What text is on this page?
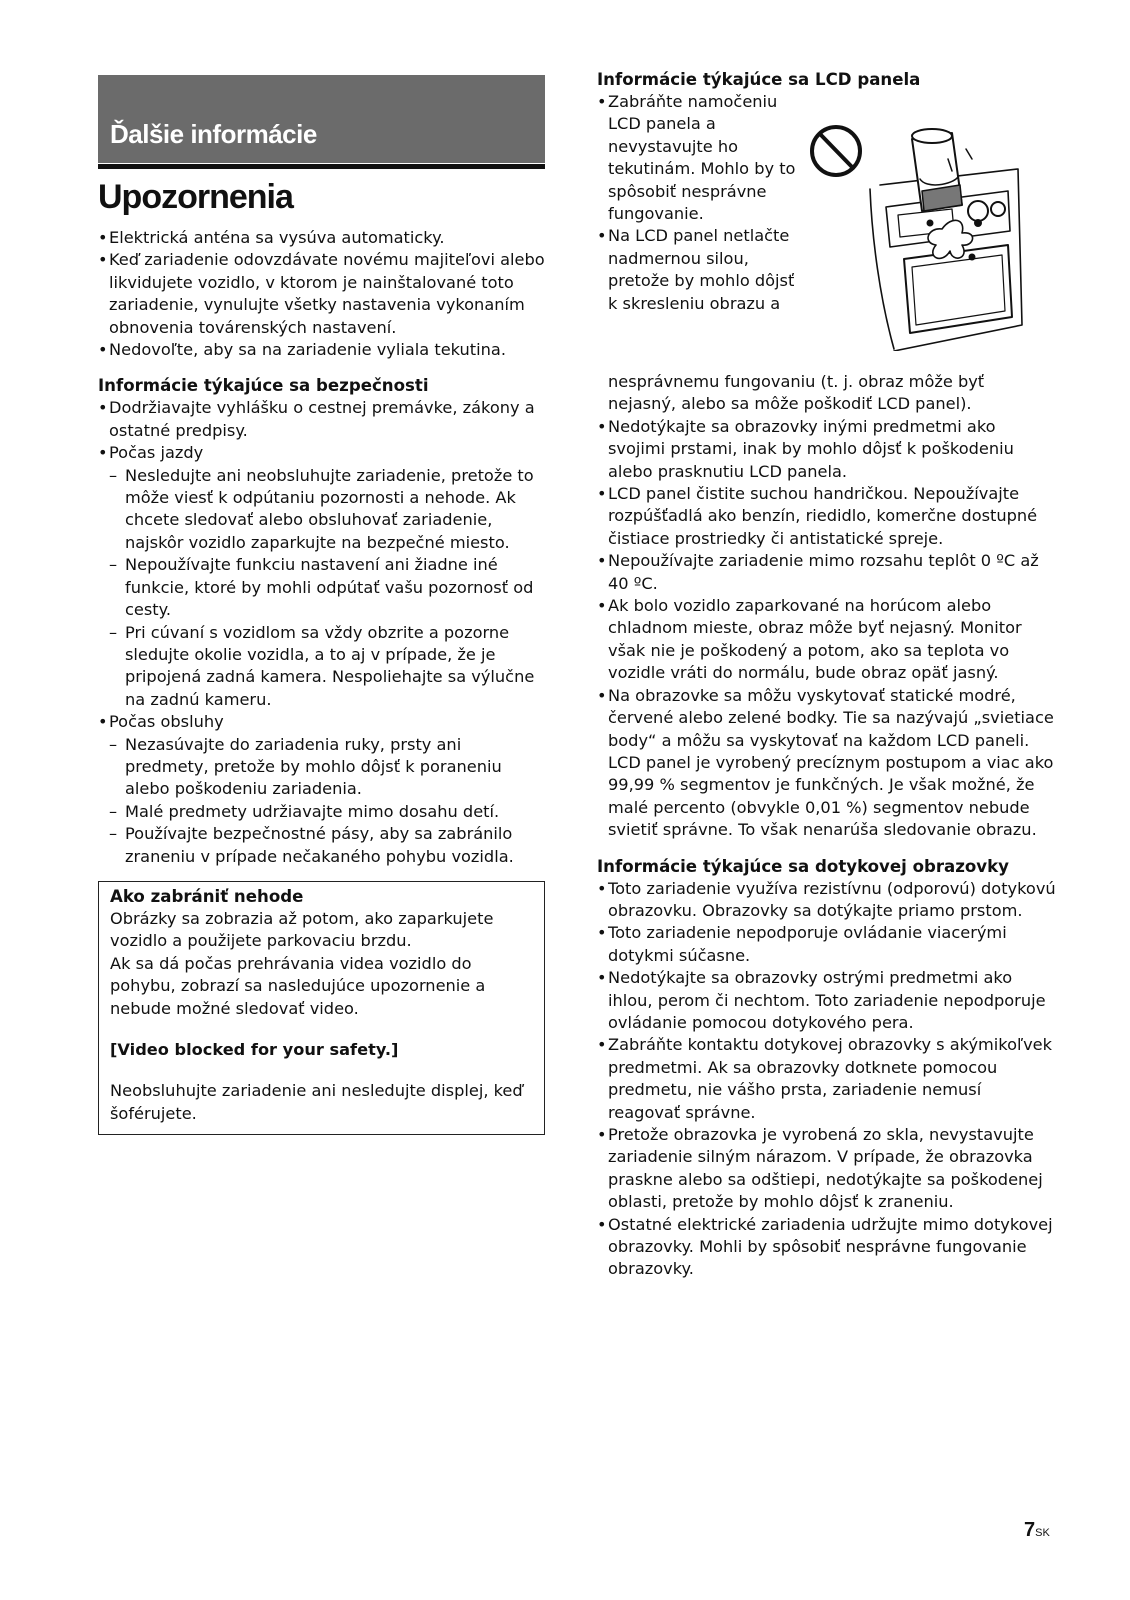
Ďalšie informácie
Upozornenia
• Elektrická anténa sa vysúva automaticky.
• Keď zariadenie odovzdávate novému majiteľovi alebo likvidujete vozidlo, v ktorom je nainštalované toto zariadenie, vynulujte všetky nastavenia vykonaním obnovenia továrenských nastavení.
• Nedovoľte, aby sa na zariadenie vyliala tekutina.
Informácie týkajúce sa bezpečnosti
• Dodržiavajte vyhlášku o cestnej premávke, zákony a ostatné predpisy.
• Počas jazdy
– Nesledujte ani neobsluhujte zariadenie, pretože to môže viesť k odpútaniu pozornosti a nehode. Ak chcete sledovať alebo obsluhovať zariadenie, najskôr vozidlo zaparkujte na bezpečné miesto.
– Nepoužívajte funkciu nastavení ani žiadne iné funkcie, ktoré by mohli odpútať vašu pozornosť od cesty.
– Pri cúvaní s vozidlom sa vždy obzrite a pozorne sledujte okolie vozidla, a to aj v prípade, že je pripojená zadná kamera. Nespoliehajte sa výlučne na zadnú kameru.
• Počas obsluhy
– Nezasúvajte do zariadenia ruky, prsty ani predmety, pretože by mohlo dôjsť k poraneniu alebo poškodeniu zariadenia.
– Malé predmety udržiavajte mimo dosahu detí.
– Používajte bezpečnostné pásy, aby sa zabránilo zraneniu v prípade nečakaného pohybu vozidla.
Ako zabrániť nehode

Obrázky sa zobrazia až potom, ako zaparkujete vozidlo a použijete parkovaciu brzdu.

Ak sa dá počas prehrávania videa vozidlo do pohybu, zobrazí sa nasledujúce upozornenie a nebude možné sledovať video.

[Video blocked for your safety.]

Neobsluhujte zariadenie ani nesledujte displej, keď šoférujete.

Informácie týkajúce sa LCD panela
• Zabráňte namočeniu LCD panela a nevystavujte ho tekutinám. Mohlo by to spôsobiť nesprávne fungovanie.
• Na LCD panel netlačte nadmernou silou, pretože by mohlo dôjsť k skresleniu obrazu a
nesprávnemu fungovaniu (t. j. obraz môže byť nejasný, alebo sa môže poškodiť LCD panel).
• Nedotýkajte sa obrazovky inými predmetmi ako svojimi prstami, inak by mohlo dôjsť k poškodeniu alebo prasknutiu LCD panela.
• LCD panel čistite suchou handričkou. Nepoužívajte rozpúšťadlá ako benzín, riedidlo, komerčne dostupné čistiace prostriedky či antistatické spreje.
• Nepoužívajte zariadenie mimo rozsahu teplôt 0 ºC až 40 ºC.
• Ak bolo vozidlo zaparkované na horúcom alebo chladnom mieste, obraz môže byť nejasný. Monitor však nie je poškodený a potom, ako sa teplota vo vozidle vráti do normálu, bude obraz opäť jasný.
• Na obrazovke sa môžu vyskytovať statické modré, červené alebo zelené bodky. Tie sa nazývajú „svietiace body“ a môžu sa vyskytovať na každom LCD paneli. LCD panel je vyrobený precíznym postupom a viac ako 99,99 % segmentov je funkčných. Je však možné, že malé percento (obvykle 0,01 %) segmentov nebude svietiť správne. To však nenarúša sledovanie obrazu.
Informácie týkajúce sa dotykovej obrazovky
• Toto zariadenie využíva rezistívnu (odporovú) dotykovú obrazovku. Obrazovky sa dotýkajte priamo prstom.
• Toto zariadenie nepodporuje ovládanie viacerými dotykmi súčasne.
• Nedotýkajte sa obrazovky ostrými predmetmi ako ihlou, perom či nechtom. Toto zariadenie nepodporuje ovládanie pomocou dotykového pera.
• Zabráňte kontaktu dotykovej obrazovky s akýmikoľvek predmetmi. Ak sa obrazovky dotknete pomocou predmetu, nie vášho prsta, zariadenie nemusí reagovať správne.
• Pretože obrazovka je vyrobená zo skla, nevystavujte zariadenie silným nárazom. V prípade, že obrazovka praskne alebo sa odštiepi, nedotýkajte sa poškodenej oblasti, pretože by mohlo dôjsť k zraneniu.
• Ostatné elektrické zariadenia udržujte mimo dotykovej obrazovky. Mohli by spôsobiť nesprávne fungovanie obrazovky.
7SK
